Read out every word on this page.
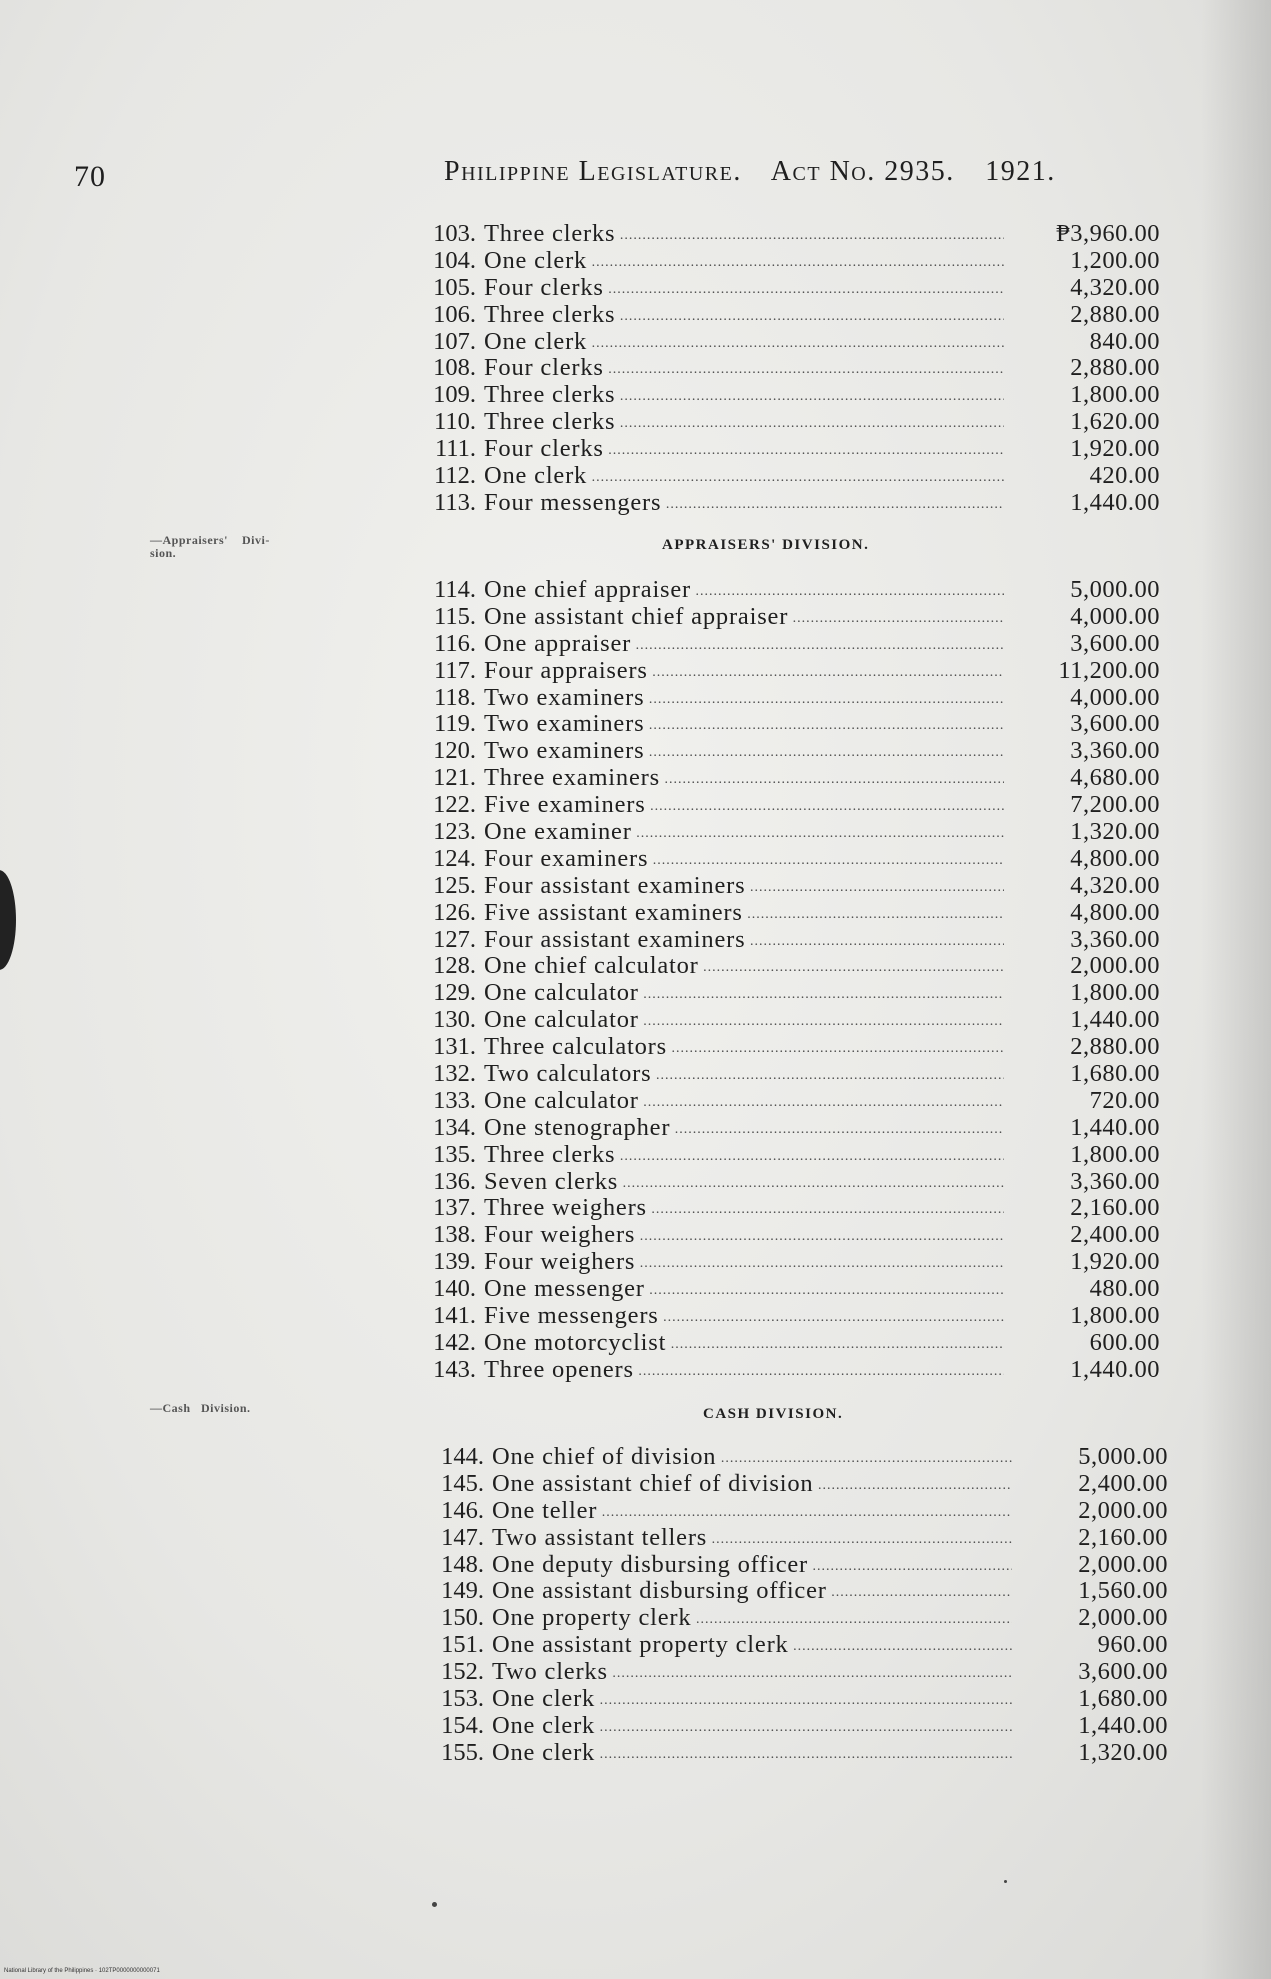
70	Philippine Legislature. Act No. 2935. 1921.
—Appraisers'    Divi-
sion.
—Cash   Division.
103. Three clerks .....	₱3,960.00
104. One clerk .....	1,200.00
105. Four clerks .....	4,320.00
106. Three clerks .....	2,880.00
107. One clerk .....	840.00
108. Four clerks .....	2,880.00
109. Three clerks .....	1,800.00
110. Three clerks .....	1,620.00
111. Four clerks .....	1,920.00
112. One clerk .....	420.00
113. Four messengers .....	1,440.00
APPRAISERS' DIVISION.
114. One chief appraiser .....	5,000.00
115. One assistant chief appraiser .....	4,000.00
116. One appraiser .....	3,600.00
117. Four appraisers .....	11,200.00
118. Two examiners .....	4,000.00
119. Two examiners .....	3,600.00
120. Two examiners .....	3,360.00
121. Three examiners .....	4,680.00
122. Five examiners .....	7,200.00
123. One examiner .....	1,320.00
124. Four examiners .....	4,800.00
125. Four assistant examiners .....	4,320.00
126. Five assistant examiners .....	4,800.00
127. Four assistant examiners .....	3,360.00
128. One chief calculator .....	2,000.00
129. One calculator .....	1,800.00
130. One calculator .....	1,440.00
131. Three calculators .....	2,880.00
132. Two calculators .....	1,680.00
133. One calculator .....	720.00
134. One stenographer .....	1,440.00
135. Three clerks .....	1,800.00
136. Seven clerks .....	3,360.00
137. Three weighers .....	2,160.00
138. Four weighers .....	2,400.00
139. Four weighers .....	1,920.00
140. One messenger .....	480.00
141. Five messengers .....	1,800.00
142. One motorcyclist .....	600.00
143. Three openers .....	1,440.00
CASH DIVISION.
144. One chief of division .....	5,000.00
145. One assistant chief of division .....	2,400.00
146. One teller .....	2,000.00
147. Two assistant tellers .....	2,160.00
148. One deputy disbursing officer .....	2,000.00
149. One assistant disbursing officer .....	1,560.00
150. One property clerk .....	2,000.00
151. One assistant property clerk .....	960.00
152. Two clerks .....	3,600.00
153. One clerk .....	1,680.00
154. One clerk .....	1,440.00
155. One clerk .....	1,320.00
National Library of the Philippines · 102TP0000000000071
